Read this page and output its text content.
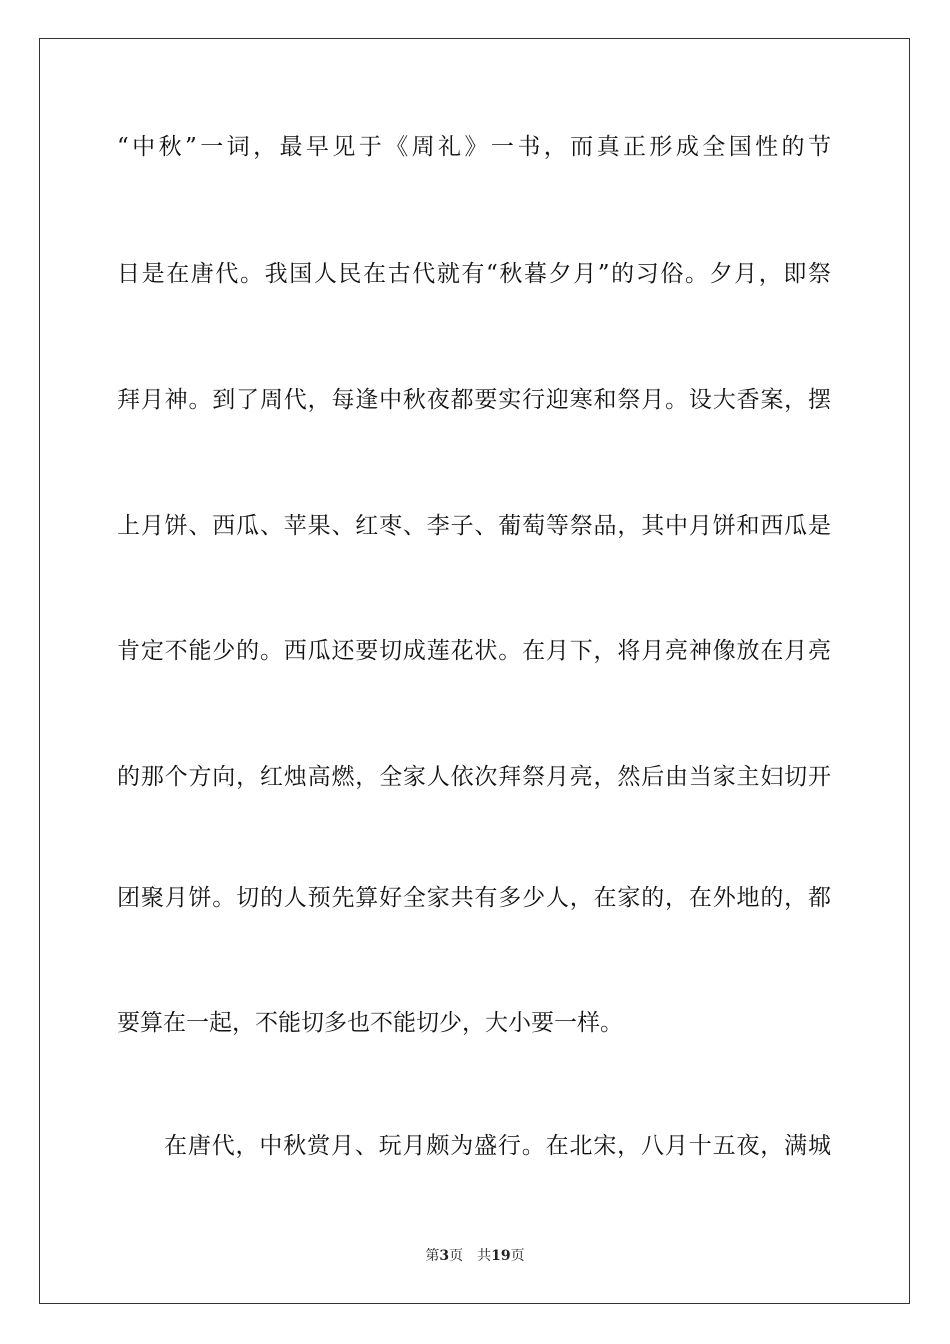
“中秋”一词，最早见于《周礼》一书，而真正形成全国性的节
日是在唐代。我国人民在古代就有“秋暮夕月”的习俗。夕月，即祭
拜月神。到了周代，每逢中秋夜都要实行迎寒和祭月。设大香案，摆
上月饼、西瓜、苹果、红枣、李子、葡萄等祭品，其中月饼和西瓜是
肯定不能少的。西瓜还要切成莲花状。在月下，将月亮神像放在月亮
的那个方向，红烛高燃，全家人依次拜祭月亮，然后由当家主妇切开
团聚月饼。切的人预先算好全家共有多少人，在家的，在外地的，都
要算在一起，不能切多也不能切少，大小要一样。
在唐代，中秋赏月、玩月颇为盛行。在北宋，八月十五夜，满城
第3页 共19页
